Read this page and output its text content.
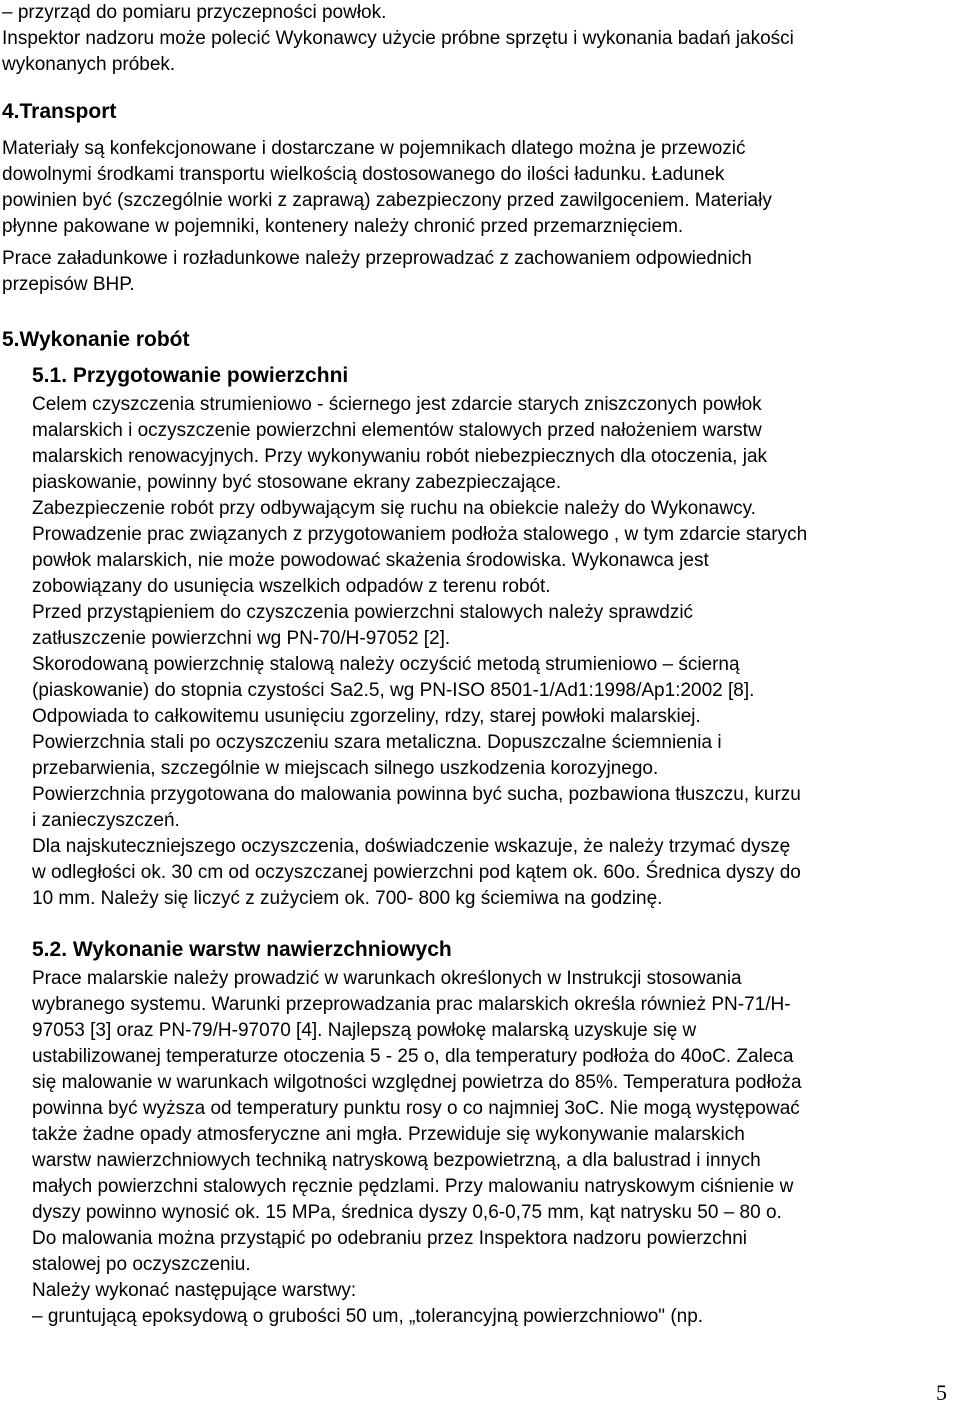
– przyrząd do pomiaru przyczepności powłok.
Inspektor nadzoru może polecić Wykonawcy użycie próbne sprzętu i wykonania badań jakości
wykonanych próbek.
4.Transport
Materiały są konfekcjonowane i dostarczane w pojemnikach dlatego można je przewozić
dowolnymi środkami transportu wielkością dostosowanego do ilości ładunku. Ładunek
powinien być (szczególnie worki z zaprawą) zabezpieczony przed zawilgoceniem. Materiały
płynne pakowane w pojemniki, kontenery należy chronić przed przemarznięciem.
Prace załadunkowe i rozładunkowe należy przeprowadzać z zachowaniem odpowiednich
przepisów BHP.
5.Wykonanie robót
5.1. Przygotowanie powierzchni
Celem czyszczenia strumieniowo - ściernego jest zdarcie starych zniszczonych powłok
malarskich i oczyszczenie powierzchni elementów stalowych przed nałożeniem warstw
malarskich renowacyjnych. Przy wykonywaniu robót niebezpiecznych dla otoczenia, jak
piaskowanie, powinny być stosowane ekrany zabezpieczające.
Zabezpieczenie robót przy odbywającym się ruchu na obiekcie należy do Wykonawcy.
Prowadzenie prac związanych z przygotowaniem podłoża stalowego , w tym zdarcie starych
powłok malarskich, nie może powodować skażenia środowiska. Wykonawca jest
zobowiązany do usunięcia wszelkich odpadów z terenu robót.
Przed przystąpieniem do czyszczenia powierzchni stalowych należy sprawdzić
zatłuszczenie powierzchni wg PN-70/H-97052 [2].
Skorodowaną powierzchnię stalową należy oczyścić metodą strumieniowo – ścierną
(piaskowanie) do stopnia czystości Sa2.5, wg PN-ISO 8501-1/Ad1:1998/Ap1:2002 [8].
Odpowiada to całkowitemu usunięciu zgorzeliny, rdzy, starej powłoki malarskiej.
Powierzchnia stali po oczyszczeniu szara metaliczna. Dopuszczalne ściemnienia i
przebarwienia, szczególnie w miejscach silnego uszkodzenia korozyjnego.
Powierzchnia przygotowana do malowania powinna być sucha, pozbawiona tłuszczu, kurzu
i zanieczyszczeń.
Dla najskuteczniejszego oczyszczenia, doświadczenie wskazuje, że należy trzymać dyszę
w odległości ok. 30 cm od oczyszczanej powierzchni pod kątem ok. 60o. Średnica dyszy do
10 mm. Należy się liczyć z zużyciem ok. 700- 800 kg ściemiwa na godzinę.
5.2. Wykonanie warstw nawierzchniowych
Prace malarskie należy prowadzić w warunkach określonych w Instrukcji stosowania
wybranego systemu. Warunki przeprowadzania prac malarskich określa również PN-71/H-
97053 [3] oraz PN-79/H-97070 [4]. Najlepszą powłokę malarską uzyskuje się w
ustabilizowanej temperaturze otoczenia 5 - 25 o, dla temperatury podłoża do 40oC. Zaleca
się malowanie w warunkach wilgotności względnej powietrza do 85%. Temperatura podłoża
powinna być wyższa od temperatury punktu rosy o co najmniej 3oC. Nie mogą występować
także żadne opady atmosferyczne ani mgła. Przewiduje się wykonywanie malarskich
warstw nawierzchniowych techniką natryskową bezpowietrzną, a dla balustrad i innych
małych powierzchni stalowych ręcznie pędzlami. Przy malowaniu natryskowym ciśnienie w
dyszy powinno wynosić ok. 15 MPa, średnica dyszy 0,6-0,75 mm, kąt natrysku 50 – 80 o.
Do malowania można przystąpić po odebraniu przez Inspektora nadzoru powierzchni
stalowej po oczyszczeniu.
Należy wykonać następujące warstwy:
– gruntującą epoksydową o grubości 50 um, „tolerancyjną powierzchniowo" (np.
5
